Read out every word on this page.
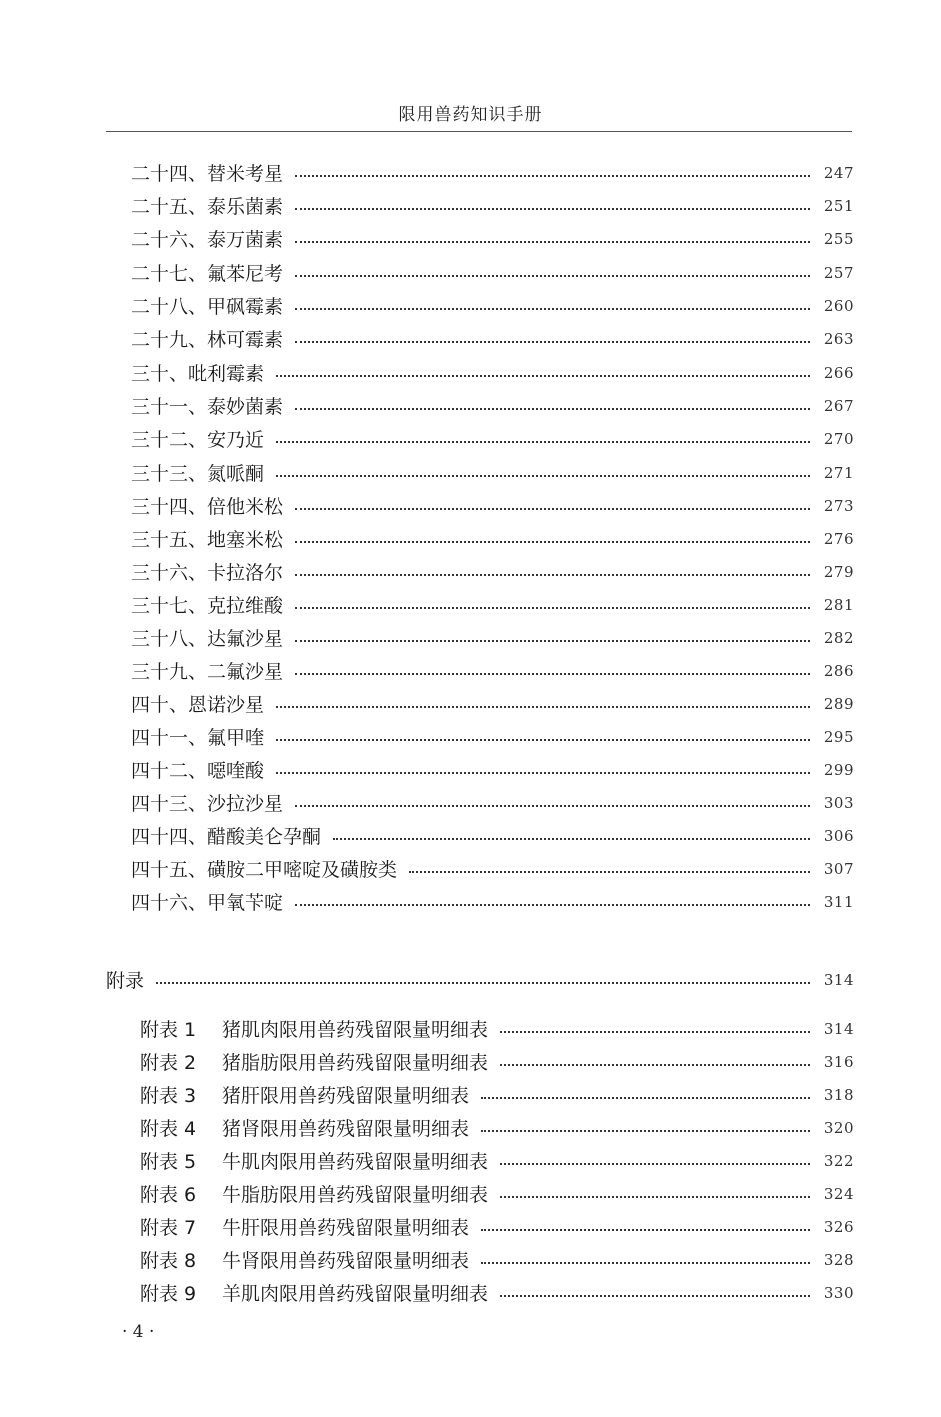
限用兽药知识手册
二十四、替米考星	247
二十五、泰乐菌素	251
二十六、泰万菌素	255
二十七、氟苯尼考	257
二十八、甲砜霉素	260
二十九、林可霉素	263
三十、吡利霉素	266
三十一、泰妙菌素	267
三十二、安乃近	270
三十三、氮哌酮	271
三十四、倍他米松	273
三十五、地塞米松	276
三十六、卡拉洛尔	279
三十七、克拉维酸	281
三十八、达氟沙星	282
三十九、二氟沙星	286
四十、恩诺沙星	289
四十一、氟甲喹	295
四十二、噁喹酸	299
四十三、沙拉沙星	303
四十四、醋酸美仑孕酮	306
四十五、磺胺二甲嘧啶及磺胺类	307
四十六、甲氧苄啶	311
附录	314
附表 1 猪肌肉限用兽药残留限量明细表	314
附表 2 猪脂肪限用兽药残留限量明细表	316
附表 3 猪肝限用兽药残留限量明细表	318
附表 4 猪肾限用兽药残留限量明细表	320
附表 5 牛肌肉限用兽药残留限量明细表	322
附表 6 牛脂肪限用兽药残留限量明细表	324
附表 7 牛肝限用兽药残留限量明细表	326
附表 8 牛肾限用兽药残留限量明细表	328
附表 9 羊肌肉限用兽药残留限量明细表	330
· 4 ·
